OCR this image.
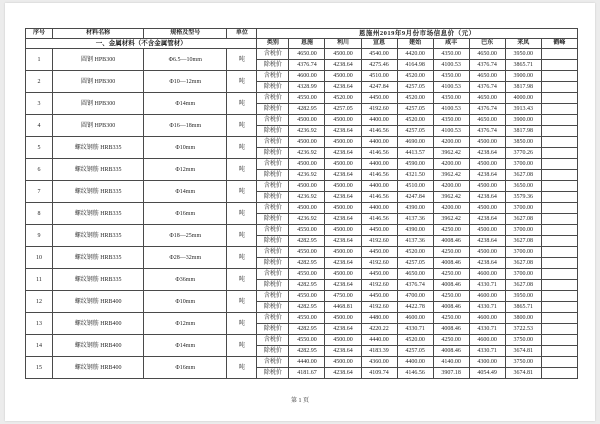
序号	材料名称	规格及型号	单位	恩施州2019年9月份市场信息价（元）								
一、金属材料（不含金属管材）				类别	恩施	利川	宣恩	建始	咸丰	巴东	来凤	鹤峰
1	圆钢 HPB300	Φ6.5—10mm	吨	含税价	4650.00	4500.00	4540.00	4420.00	4350.00	4650.00	3950.00	
				除税价	4376.74	4238.64	4275.46	4164.98	4100.53	4376.74	3865.71	
2	圆钢 HPB300	Φ10—12mm	吨	含税价	4600.00	4500.00	4510.00	4520.00	4350.00	4650.00	3900.00	
				除税价	4328.99	4238.64	4247.84	4257.05	4100.53	4376.74	3817.98	
3	圆钢 HPB300	Φ14mm	吨	含税价	4550.00	4520.00	4450.00	4520.00	4350.00	4650.00	4000.00	
				除税价	4282.95	4257.05	4192.60	4257.05	4100.53	4376.74	3913.43	
4	圆钢 HPB300	Φ16—18mm	吨	含税价	4500.00	4500.00	4400.00	4520.00	4350.00	4650.00	3900.00	
				除税价	4236.92	4238.64	4146.56	4257.05	4100.53	4376.74	3817.98	
5	螺纹钢筋 HRB335	Φ10mm	吨	含税价	4500.00	4500.00	4400.00	4690.00	4200.00	4500.00	3850.00	
				除税价	4236.92	4238.64	4146.56	4413.57	3962.42	4238.64	3770.26	
6	螺纹钢筋 HRB335	Φ12mm	吨	含税价	4500.00	4500.00	4400.00	4590.00	4200.00	4500.00	3700.00	
				除税价	4236.92	4238.64	4146.56	4321.50	3962.42	4238.64	3627.08	
7	螺纹钢筋 HRB335	Φ14mm	吨	含税价	4500.00	4500.00	4400.00	4510.00	4200.00	4500.00	3650.00	
				除税价	4236.92	4238.64	4146.56	4247.84	3962.42	4238.64	3579.36	
8	螺纹钢筋 HRB335	Φ16mm	吨	含税价	4500.00	4500.00	4400.00	4390.00	4200.00	4500.00	3700.00	
				除税价	4236.92	4238.64	4146.56	4137.36	3962.42	4238.64	3627.08	
9	螺纹钢筋 HRB335	Φ18—25mm	吨	含税价	4550.00	4500.00	4450.00	4390.00	4250.00	4500.00	3700.00	
				除税价	4282.95	4238.64	4192.60	4137.36	4008.46	4238.64	3627.08	
10	螺纹钢筋 HRB335	Φ28—32mm	吨	含税价	4550.00	4500.00	4450.00	4520.00	4250.00	4500.00	3700.00	
				除税价	4282.95	4238.64	4192.60	4257.05	4008.46	4238.64	3627.08	
11	螺纹钢筋 HRB335	Φ36mm	吨	含税价	4550.00	4500.00	4450.00	4650.00	4250.00	4600.00	3700.00	
				除税价	4282.95	4238.64	4192.60	4376.74	4008.46	4330.71	3627.08	
12	螺纹钢筋 HRB400	Φ10mm	吨	含税价	4550.00	4750.00	4450.00	4700.00	4250.00	4600.00	3950.00	
				除税价	4282.95	4468.81	4192.60	4422.78	4008.46	4330.71	3865.71	
13	螺纹钢筋 HRB400	Φ12mm	吨	含税价	4550.00	4500.00	4480.00	4600.00	4250.00	4600.00	3800.00	
				除税价	4282.95	4238.64	4220.22	4330.71	4008.46	4330.71	3722.53	
14	螺纹钢筋 HRB400	Φ14mm	吨	含税价	4550.00	4500.00	4440.00	4520.00	4250.00	4600.00	3750.00	
				除税价	4282.95	4238.64	4183.39	4257.05	4008.46	4330.71	3674.81	
15	螺纹钢筋 HRB400	Φ16mm	吨	含税价	4440.00	4500.00	4360.00	4400.00	4140.00	4300.00	3750.00	
				除税价	4181.67	4238.64	4109.74	4146.56	3907.18	4054.49	3674.81	
第 1 页
